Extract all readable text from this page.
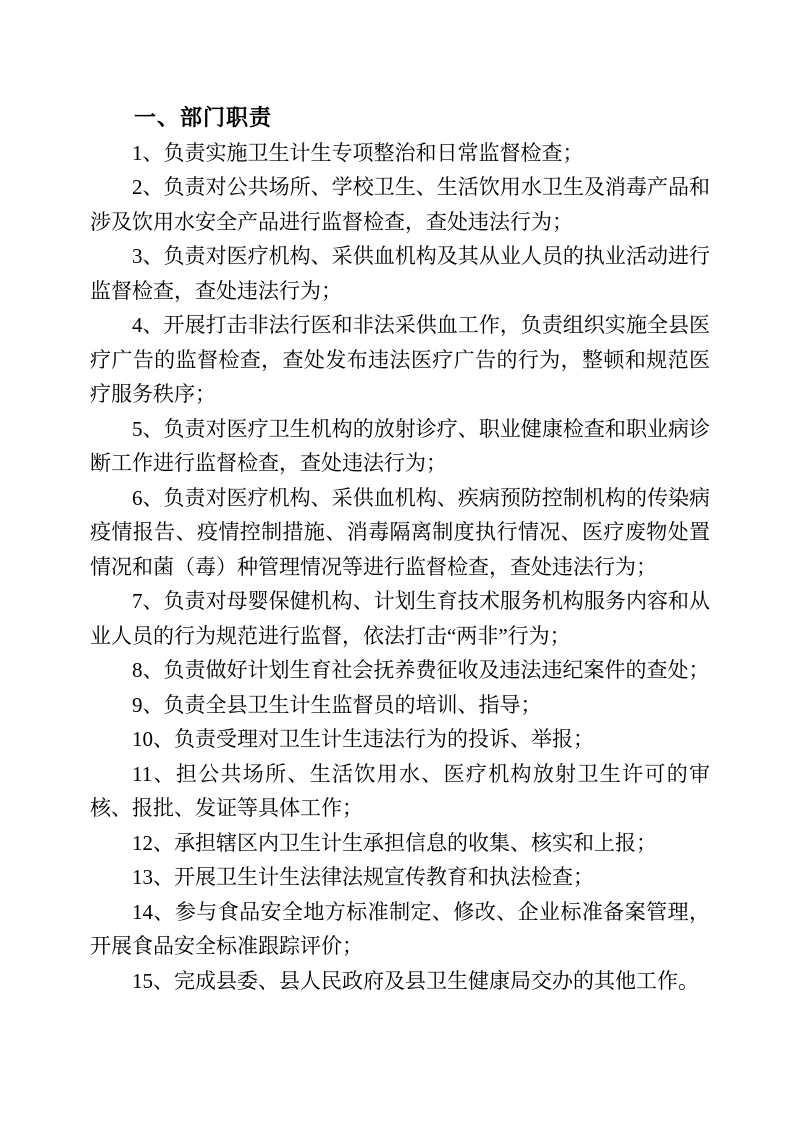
一、部门职责

1、负责实施卫生计生专项整治和日常监督检查；

2、负责对公共场所、学校卫生、生活饮用水卫生及消毒产品和涉及饮用水安全产品进行监督检查，查处违法行为；

3、负责对医疗机构、采供血机构及其从业人员的执业活动进行监督检查，查处违法行为；

4、开展打击非法行医和非法采供血工作，负责组织实施全县医疗广告的监督检查，查处发布违法医疗广告的行为，整顿和规范医疗服务秩序；

5、负责对医疗卫生机构的放射诊疗、职业健康检查和职业病诊断工作进行监督检查，查处违法行为；

6、负责对医疗机构、采供血机构、疾病预防控制机构的传染病疫情报告、疫情控制措施、消毒隔离制度执行情况、医疗废物处置情况和菌（毒）种管理情况等进行监督检查，查处违法行为；

7、负责对母婴保健机构、计划生育技术服务机构服务内容和从业人员的行为规范进行监督，依法打击“两非”行为；

8、负责做好计划生育社会抚养费征收及违法违纪案件的查处；

9、负责全县卫生计生监督员的培训、指导；

10、负责受理对卫生计生违法行为的投诉、举报；

11、担公共场所、生活饮用水、医疗机构放射卫生许可的审核、报批、发证等具体工作；

12、承担辖区内卫生计生承担信息的收集、核实和上报；

13、开展卫生计生法律法规宣传教育和执法检查；

14、参与食品安全地方标准制定、修改、企业标准备案管理，开展食品安全标准跟踪评价；

15、完成县委、县人民政府及县卫生健康局交办的其他工作。
